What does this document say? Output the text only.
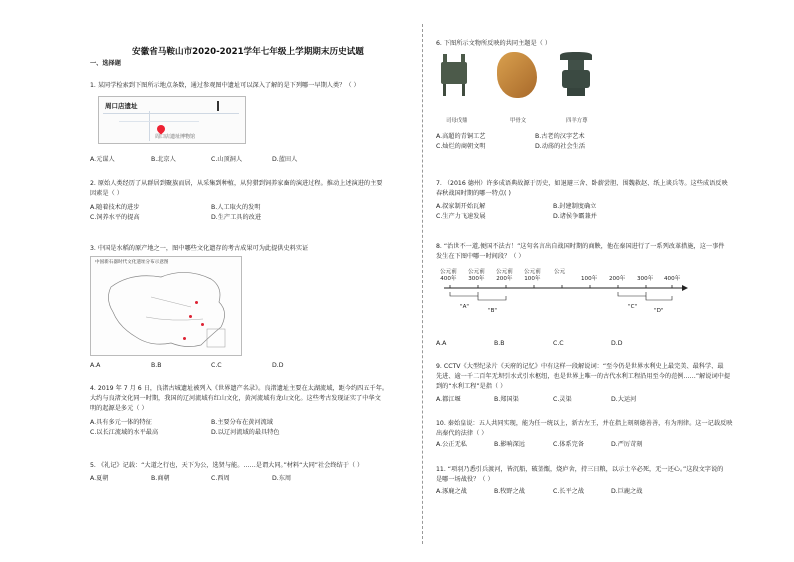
安徽省马鞍山市2020-2021学年七年级上学期期末历史试题
一、选择题
1. 某同学检索到下图所示地点条数，通过参观图中遗址可以深入了解的是下列哪一早期人类？（ ）
周口店遗址
周口店遗址博物馆
A.元谋人	B.北京人	C.山顶洞人	D.蓝田人
2. 原始人类经历了从群居到聚族而居，从采集到种植，从狩猎到饲养家畜的演进过程。推动上述演进的主要
因素是（ ）
A.随着技术的进步	B.人工取火的发明
C.饲养水平的提高	D.生产工具的改进
3. 中国是水稻的原产地之一，图中哪些文化遗存的考古成果可为此提供史料实证
中国新石器时代文化遗址分布示意图
A.A	B.B	C.C	D.D
4. 2019 年 7 月 6 日，良渚古城遗址被列入《世界遗产名录》。良渚遗址主要在太湖流域，距今约四五千年。
大约与良渚文化同一时期，我国的辽河流域有红山文化，黄河流域有龙山文化。这些考古发现证实了中华文
明的起源是多元（ ）
A.具有多元一体的特征	B.主要分布在黄河流域
C.以长江流域的水平最高	D.以辽河流域的最具特色
5. 《礼记》记载：“大道之行也，天下为公，选贤与能。……是谓大同。”材料“大同”社会终结于（ ）
A.夏朝	B.商朝	C.西周	D.东周
6. 下图所示文物所反映的共同主题是（ ）
司母戊鼎	甲骨文	四羊方尊
A.高超的青铜工艺	B.古老的汉字艺术
C.灿烂的商朝文明	D.动荡的社会生活
7. （2016 德州）许多成语典故源于历史，如退避三舍、卧薪尝胆、围魏救赵、纸上谈兵等。这些成语反映
春秋战国时期的哪一特点( )
A.叔家制开始瓦解	B.封建制度确立
C.生产力飞速发展	D.诸侯争霸兼并
8. “治世不一道,便国不法古！”这句名言出自战国时期的商鞅，他在秦国进行了一系列改革措施，这一事件
发生在下图中哪一时间段？（ ）
公元前
400年
公元前
300年
公元前
200年
公元前
100年
公元
100年 200年 300年 400年
"A"
"B"
"C"
"D"
A.A	B.B	C.C	D.D
9. CCTV《大型纪录片《天府的记忆》中有这样一段解说词：“至今仍是世界水利史上最完美、最科学、最
先进、逾一千二百年无坝引水式引水枢纽，也是世界上唯一的古代水利工程沿用至今的范例……”解说词中提
到的“水利工程”是指（ ）
A.都江堰	B.郑国渠	C.灵渠	D.大运河
10. 秦始皇说：五人共同实现，能为任一统以上，新古左王，并在指上刻刻德善善，有为刑律。这一记载反映
出秦代的法律（ ）
A.公正无私	B.影响深远	C.体系完备	D.严厉苛刻
11. “项羽乃悉引兵渡河，皆沉船，破釜甑，烧庐舍，持三日粮，以示士卒必死，无一还心。”这段文字说的
是哪一场战役？（ ）
A.涿鹿之战	B.牧野之战	C.长平之战	D.巨鹿之战
